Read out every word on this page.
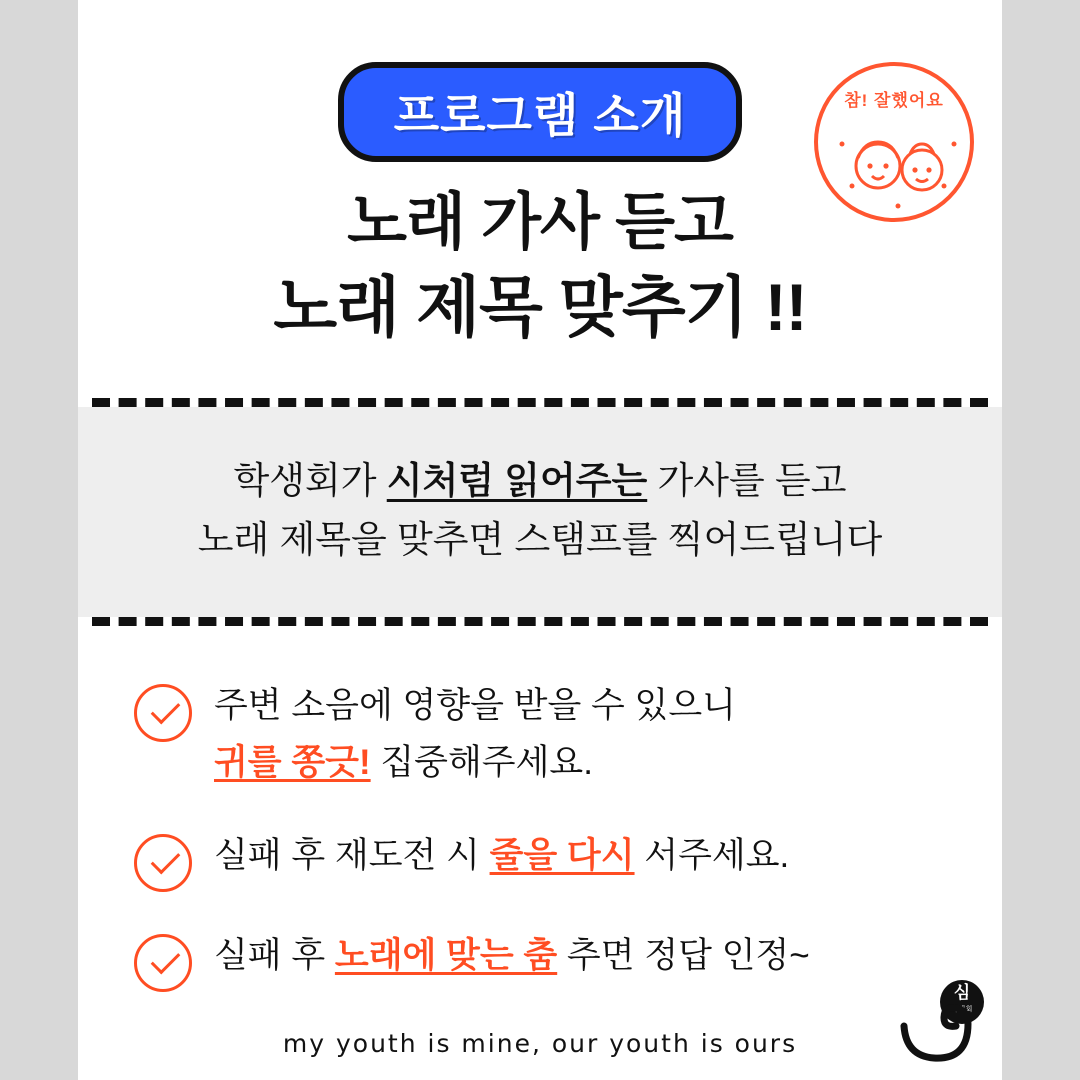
프로그램 소개
노래 가사 듣고
노래 제목 맞추기 !!
참! 잘했어요

학생회가 시처럼 읽어주는 가사를 듣고

노래 제목을 맞추면 스탬프를 찍어드립니다

주변 소음에 영향을 받을 수 있으니
귀를 쫑긋! 집중해주세요.
실패 후 재도전 시 줄을 다시 서주세요.
실패 후 노래에 맞는 춤 추면 정답 인정~
my youth is mine, our youth is ours
심
학생회
